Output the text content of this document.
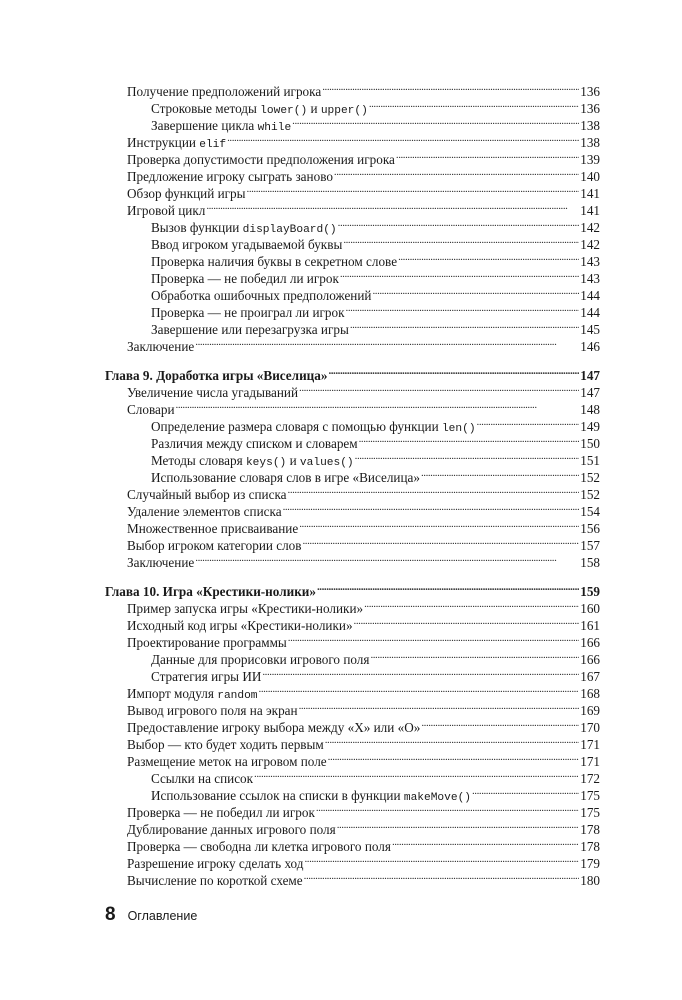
Получение предположений игрока . . .	136
Строковые методы lower() и upper() . . .	136
Завершение цикла while . . .	138
Инструкции elif . . .	138
Проверка допустимости предположения игрока . . .	139
Предложение игроку сыграть заново . . .	140
Обзор функций игры . . .	141
Игровой цикл . . .	141
Вызов функции displayBoard() . . .	142
Ввод игроком угадываемой буквы . . .	142
Проверка наличия буквы в секретном слове . . .	143
Проверка — не победил ли игрок . . .	143
Обработка ошибочных предположений . . .	144
Проверка — не проиграл ли игрок . . .	144
Завершение или перезагрузка игры . . .	145
Заключение . . .	146
Глава 9. Доработка игры «Виселица» . . .	147
Увеличение числа угадываний . . .	147
Словари . . .	148
Определение размера словаря с помощью функции len() . . .	149
Различия между списком и словарем . . .	150
Методы словаря keys() и values() . . .	151
Использование словаря слов в игре «Виселица» . . .	152
Случайный выбор из списка . . .	152
Удаление элементов списка . . .	154
Множественное присваивание . . .	156
Выбор игроком категории слов . . .	157
Заключение . . .	158
Глава 10. Игра «Крестики-нолики» . . .	159
Пример запуска игры «Крестики-нолики» . . .	160
Исходный код игры «Крестики-нолики» . . .	161
Проектирование программы . . .	166
Данные для прорисовки игрового поля . . .	166
Стратегия игры ИИ . . .	167
Импорт модуля random . . .	168
Вывод игрового поля на экран . . .	169
Предоставление игроку выбора между «Х» или «О» . . .	170
Выбор — кто будет ходить первым . . .	171
Размещение меток на игровом поле . . .	171
Ссылки на список . . .	172
Использование ссылок на списки в функции makeMove() . . .	175
Проверка — не победил ли игрок . . .	175
Дублирование данных игрового поля . . .	178
Проверка — свободна ли клетка игрового поля . . .	178
Разрешение игроку сделать ход . . .	179
Вычисление по короткой схеме . . .	180
8 Оглавление
